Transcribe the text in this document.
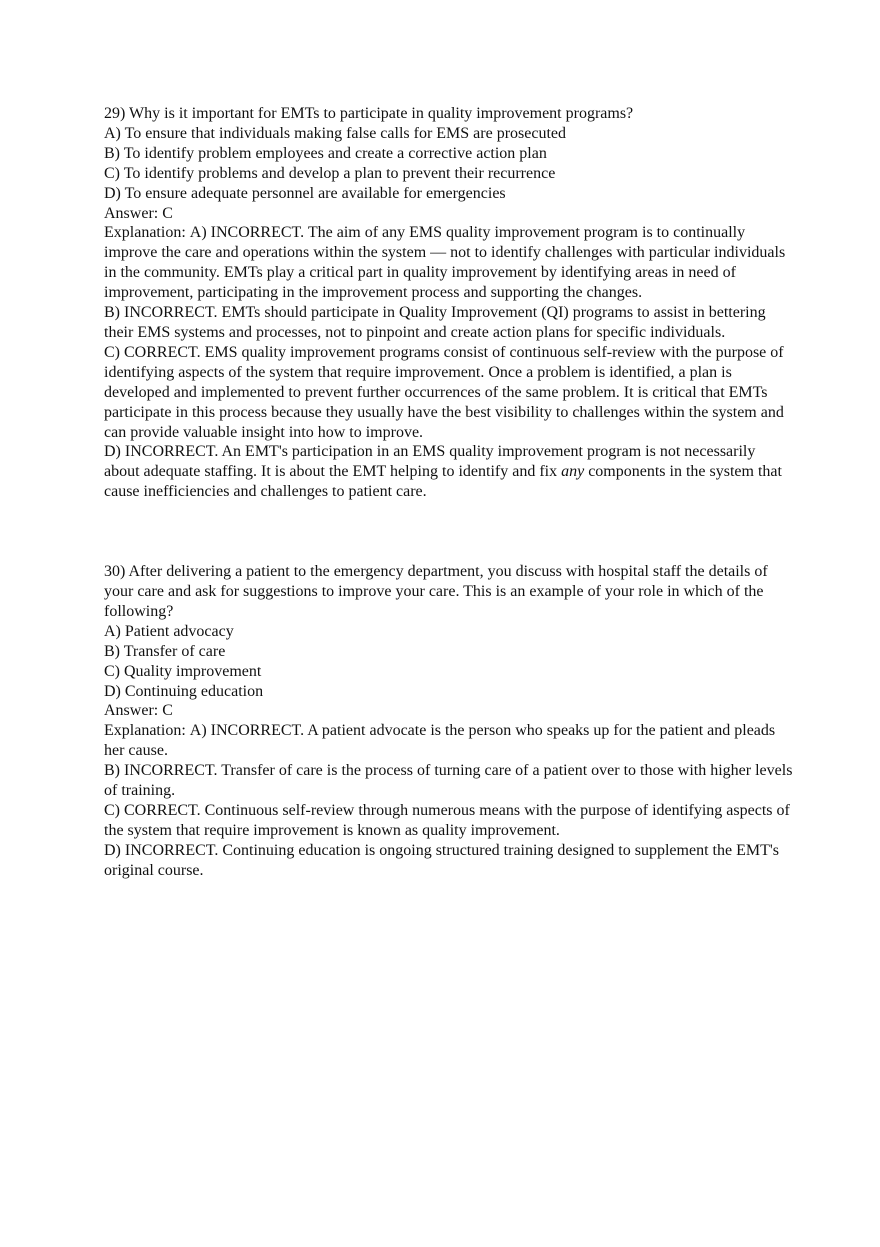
29) Why is it important for EMTs to participate in quality improvement programs?
A) To ensure that individuals making false calls for EMS are prosecuted
B) To identify problem employees and create a corrective action plan
C) To identify problems and develop a plan to prevent their recurrence
D) To ensure adequate personnel are available for emergencies
Answer: C
Explanation: A) INCORRECT. The aim of any EMS quality improvement program is to continually improve the care and operations within the system — not to identify challenges with particular individuals in the community. EMTs play a critical part in quality improvement by identifying areas in need of improvement, participating in the improvement process and supporting the changes.
B) INCORRECT. EMTs should participate in Quality Improvement (QI) programs to assist in bettering their EMS systems and processes, not to pinpoint and create action plans for specific individuals.
C) CORRECT. EMS quality improvement programs consist of continuous self-review with the purpose of identifying aspects of the system that require improvement. Once a problem is identified, a plan is developed and implemented to prevent further occurrences of the same problem. It is critical that EMTs participate in this process because they usually have the best visibility to challenges within the system and can provide valuable insight into how to improve.
D) INCORRECT. An EMT's participation in an EMS quality improvement program is not necessarily about adequate staffing. It is about the EMT helping to identify and fix any components in the system that cause inefficiencies and challenges to patient care.
30) After delivering a patient to the emergency department, you discuss with hospital staff the details of your care and ask for suggestions to improve your care. This is an example of your role in which of the following?
A) Patient advocacy
B) Transfer of care
C) Quality improvement
D) Continuing education
Answer: C
Explanation: A) INCORRECT. A patient advocate is the person who speaks up for the patient and pleads her cause.
B) INCORRECT. Transfer of care is the process of turning care of a patient over to those with higher levels of training.
C) CORRECT. Continuous self-review through numerous means with the purpose of identifying aspects of the system that require improvement is known as quality improvement.
D) INCORRECT. Continuing education is ongoing structured training designed to supplement the EMT's original course.
